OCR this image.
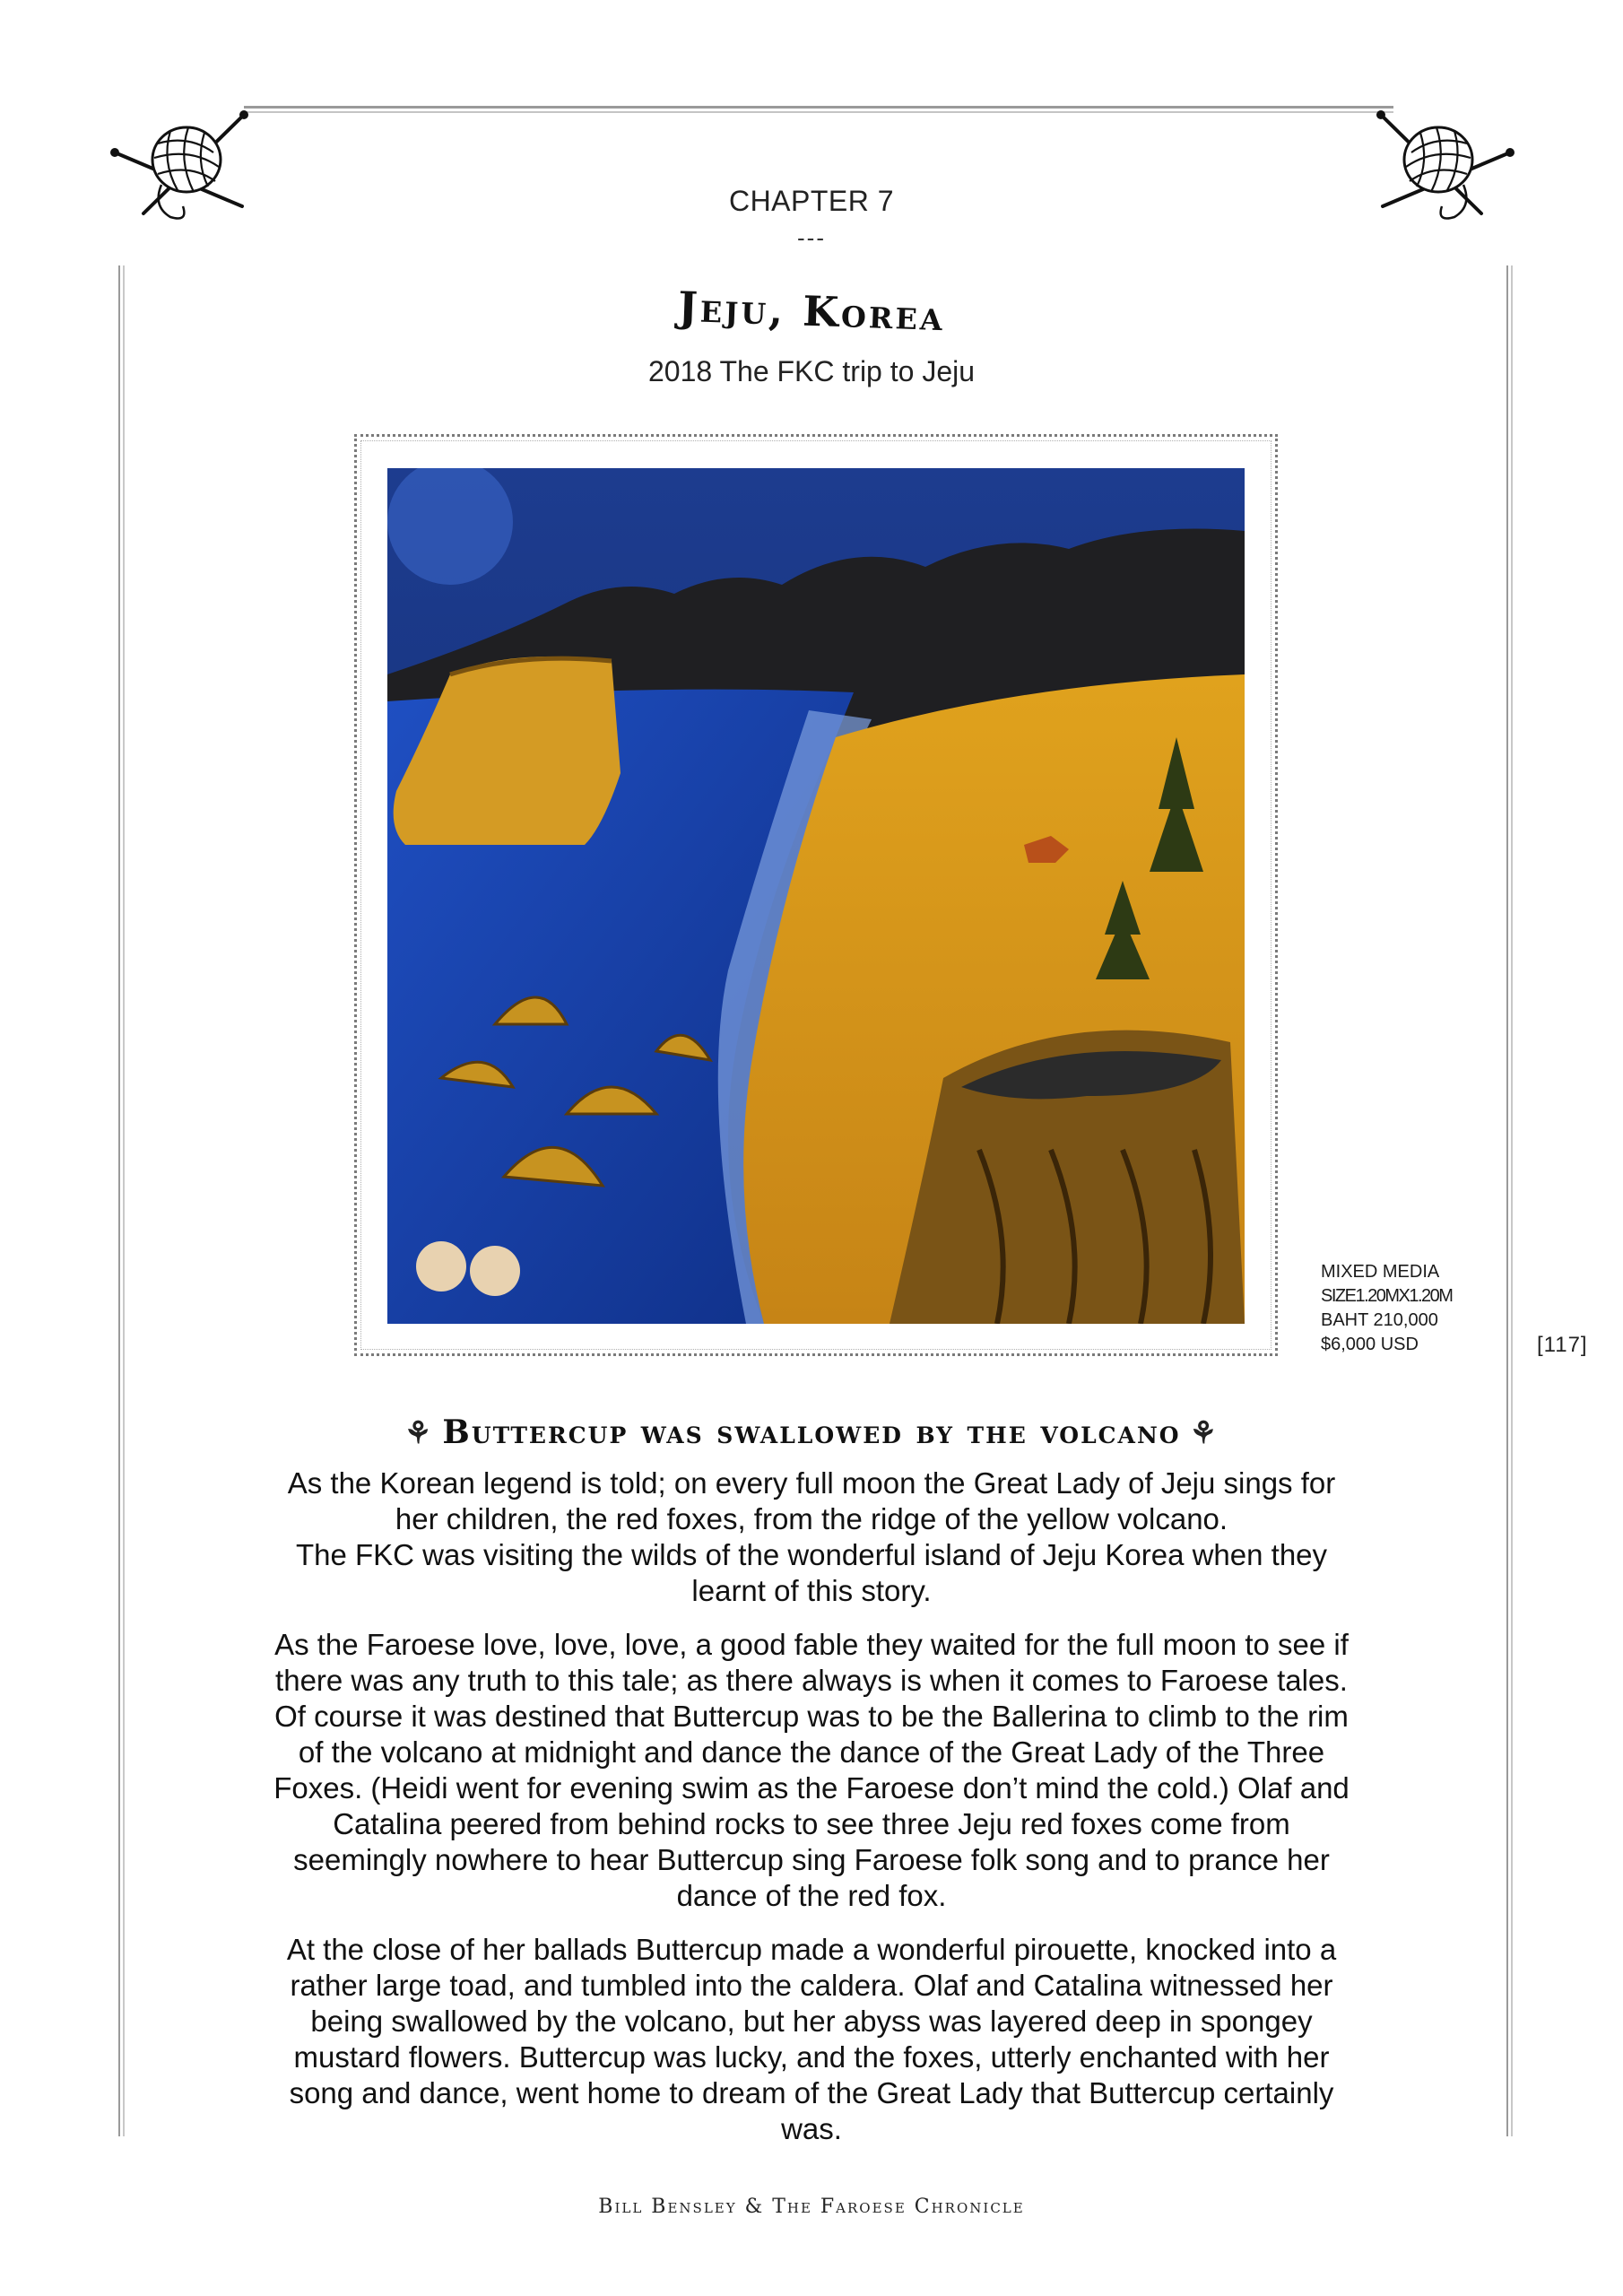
CHAPTER 7
---
Jeju, Korea
2018 The FKC trip to Jeju
MIXED MEDIA
SIZE1.20MX1.20M
BAHT 210,000
$6,000 USD	[117]
⚘ Buttercup was swallowed by the volcano ⚘

As the Korean legend is told; on every full moon the Great Lady of Jeju sings for her children, the red foxes, from the ridge of the yellow volcano.

The FKC was visiting the wilds of the wonderful island of Jeju Korea when they learnt of this story.

As the Faroese love, love, love, a good fable they waited for the full moon to see if there was any truth to this tale; as there always is when it comes to Faroese tales. Of course it was destined that Buttercup was to be the Ballerina to climb to the rim of the volcano at midnight and dance the dance of the Great Lady of the Three Foxes. (Heidi went for evening swim as the Faroese don’t mind the cold.) Olaf and Catalina peered from behind rocks to see three Jeju red foxes come from seemingly nowhere to hear Buttercup sing Faroese folk song and to prance her dance of the red fox.

At the close of her ballads Buttercup made a wonderful pirouette, knocked into a rather large toad, and tumbled into the caldera. Olaf and Catalina witnessed her being swallowed by the volcano, but her abyss was layered deep in spongey mustard flowers. Buttercup was lucky, and the foxes, utterly enchanted with her song and dance, went home to dream of the Great Lady that Buttercup certainly was.

Bill Bensley & The Faroese Chronicle
